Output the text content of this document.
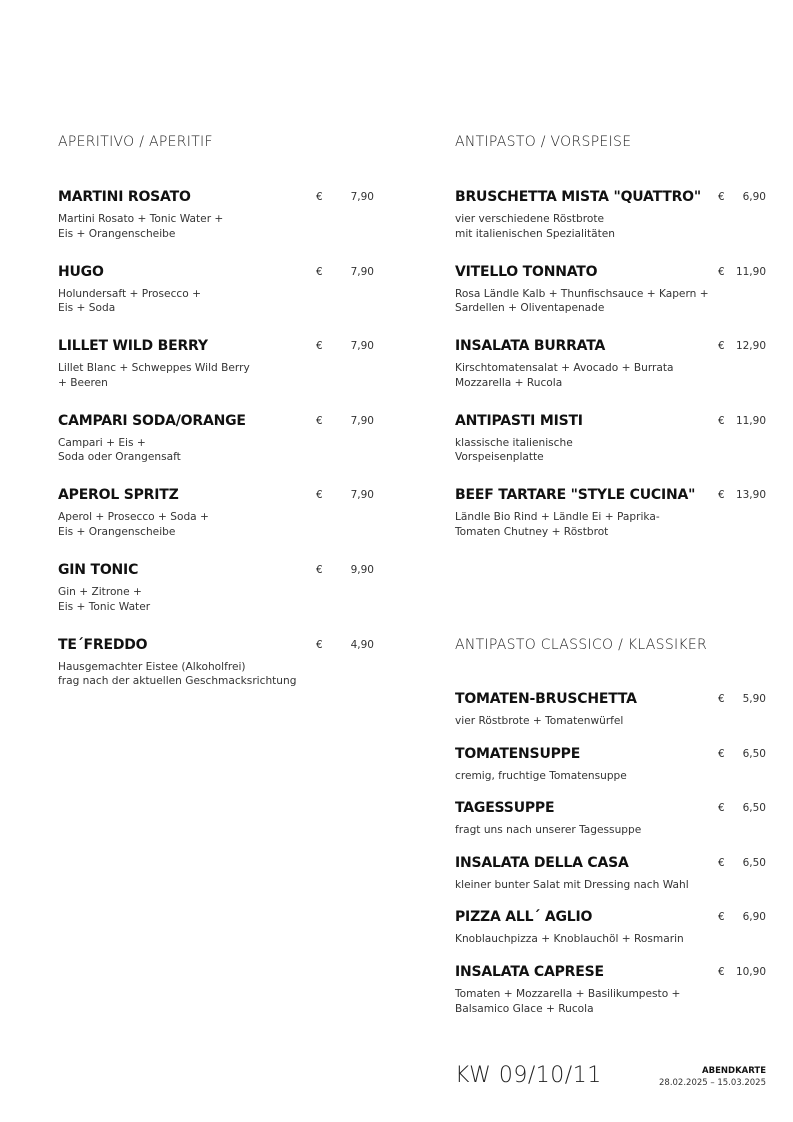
APERITIVO / APERITIF
MARTINI ROSATO	€	7,90
Martini Rosato + Tonic Water +
Eis + Orangenscheibe
HUGO	€	7,90
Holundersaft + Prosecco +
Eis + Soda
LILLET WILD BERRY	€	7,90
Lillet Blanc + Schweppes Wild Berry
+ Beeren
CAMPARI SODA/ORANGE	€	7,90
Campari + Eis +
Soda oder Orangensaft
APEROL SPRITZ	€	7,90
Aperol + Prosecco + Soda +
Eis + Orangenscheibe
GIN TONIC	€	9,90
Gin + Zitrone +
Eis + Tonic Water
TE´FREDDO	€	4,90
Hausgemachter Eistee (Alkoholfrei)
frag nach der aktuellen Geschmacksrichtung
ANTIPASTO / VORSPEISE
BRUSCHETTA MISTA "QUATTRO"	€ 6,90
vier verschiedene Röstbrote
mit italienischen Spezialitäten
VITELLO TONNATO	€ 11,90
Rosa Ländle Kalb + Thunfischsauce + Kapern +
Sardellen + Oliventapenade
INSALATA BURRATA	€ 12,90
Kirschtomatensalat + Avocado + Burrata
Mozzarella + Rucola
ANTIPASTI MISTI	€ 11,90
klassische italienische
Vorspeisenplatte
BEEF TARTARE "STYLE CUCINA"	€ 13,90
Ländle Bio Rind + Ländle Ei + Paprika-
Tomaten Chutney + Röstbrot
ANTIPASTO CLASSICO / KLASSIKER
TOMATEN-BRUSCHETTA	€ 5,90
vier Röstbrote + Tomatenwürfel
TOMATENSUPPE	€ 6,50
cremig, fruchtige Tomatensuppe
TAGESSUPPE	€ 6,50
fragt uns nach unserer Tagessuppe
INSALATA DELLA CASA	€ 6,50
kleiner bunter Salat mit Dressing nach Wahl
PIZZA ALL´ AGLIO	€ 6,90
Knoblauchpizza + Knoblauchöl + Rosmarin
INSALATA CAPRESE	€ 10,90
Tomaten + Mozzarella + Basilikumpesto +
Balsamico Glace + Rucola
KW 09/10/11	ABENDKARTE
28.02.2025 – 15.03.2025
